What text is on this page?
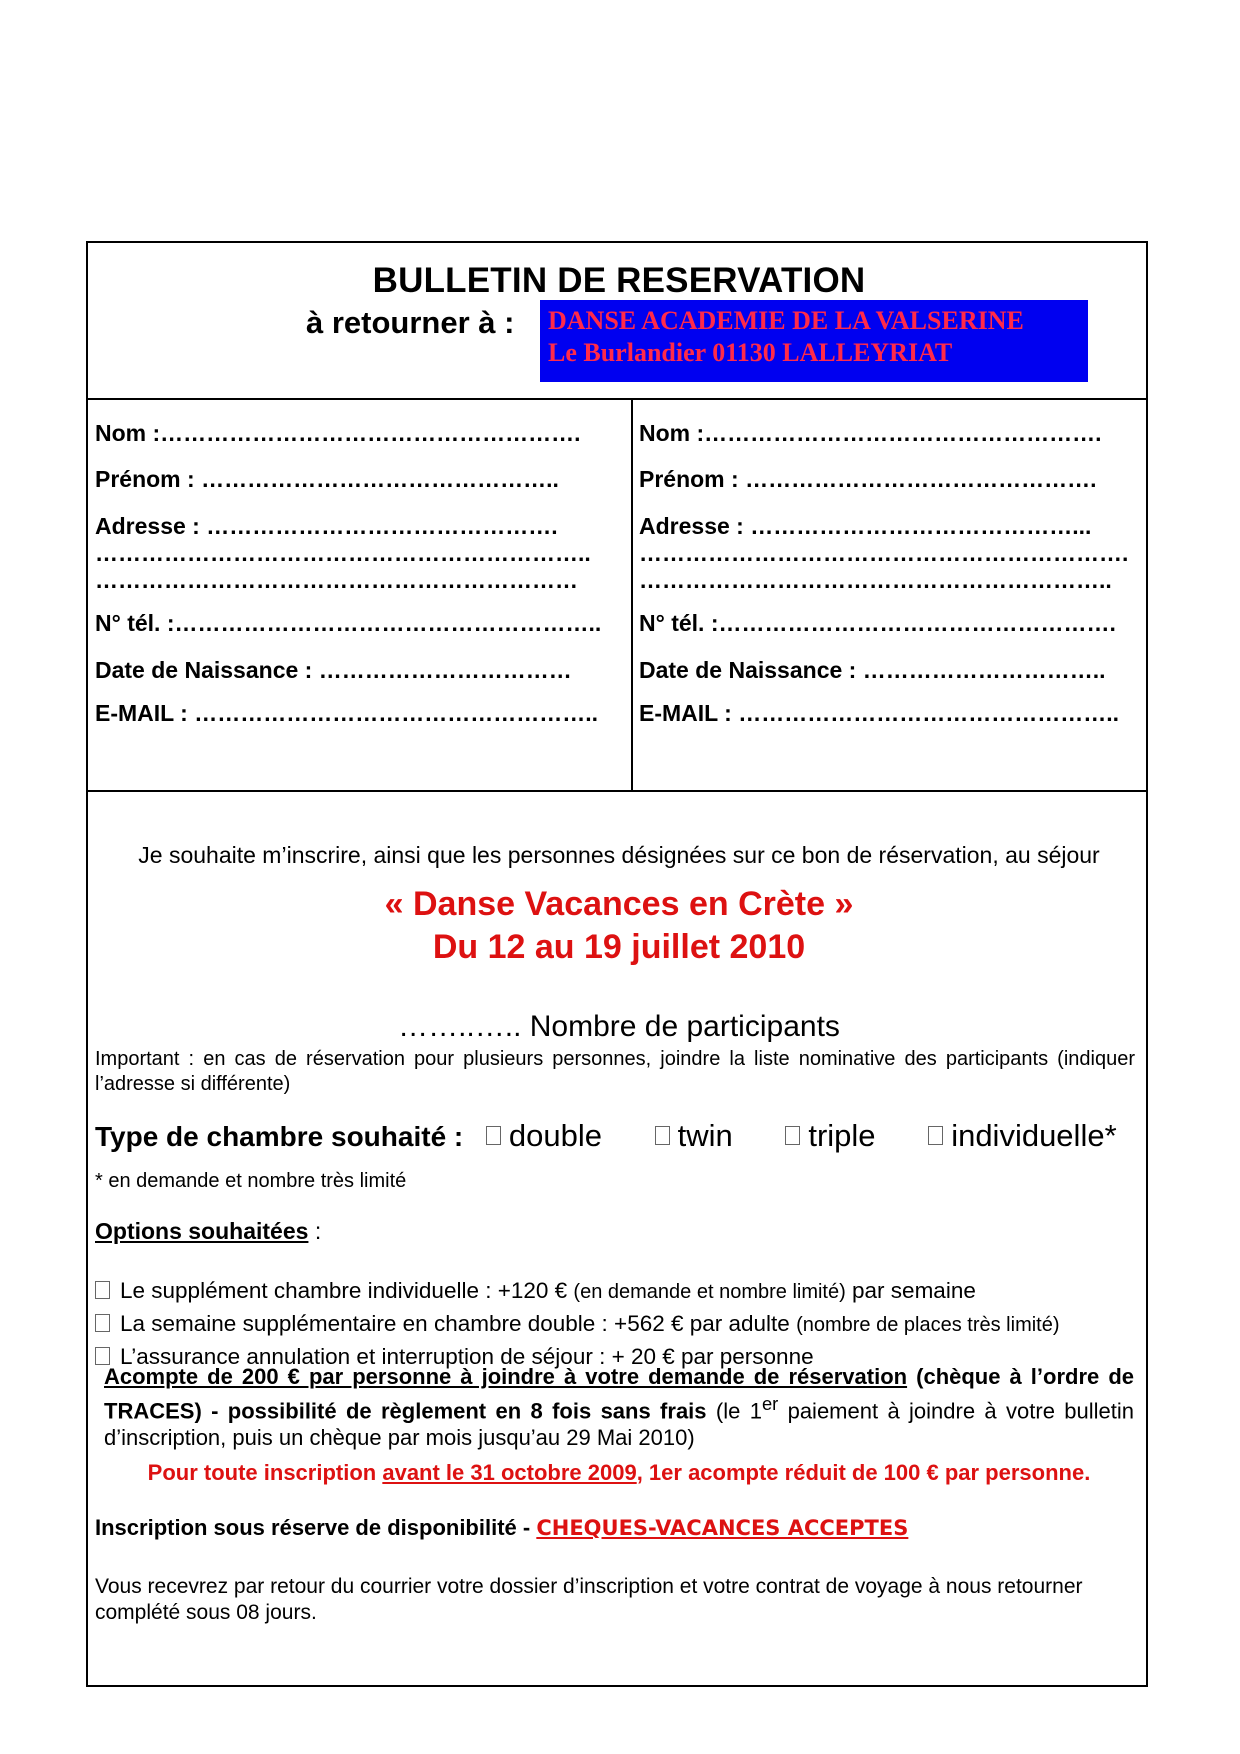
BULLETIN DE RESERVATION
à retourner à : DANSE ACADEMIE DE LA VALSERINE
Le Burlandier 01130 LALLEYRIAT
Nom :……………………………………………….
Prénom : ………………………………………..
Adresse : ……………………………………….
………………………………………………………..
………………………………………………………
N° tél. :………………………………………………..
Date de Naissance : ……………………………
E-MAIL : ……………………………………………..
Nom :…………………………………………….
Prénom : ……………………………………….
Adresse : ……………………………………...
……………………………………………………….
……………………………………………………..
N° tél. :…………………………………………….
Date de Naissance : …………………………..
E-MAIL : …………………………………………..
Je souhaite m’inscrire, ainsi que les personnes désignées sur ce bon de réservation, au séjour
« Danse Vacances en Crète »
Du 12 au 19 juillet 2010
……..….. Nombre de participants
Important : en cas de réservation pour plusieurs personnes, joindre la liste nominative des participants (indiquer l’adresse si différente)
Type de chambre souhaité : double twin triple individuelle*
* en demande et nombre très limité
Options souhaitées :
Le supplément chambre individuelle : +120 € (en demande et nombre limité) par semaine
La semaine supplémentaire en chambre double : +562 € par adulte (nombre de places très limité)
L’assurance annulation et interruption de séjour : + 20 € par personne
Acompte de 200 € par personne à joindre à votre demande de réservation (chèque à l’ordre de TRACES) - possibilité de règlement en 8 fois sans frais (le 1er paiement à joindre à votre bulletin d’inscription, puis un chèque par mois jusqu’au 29 Mai 2010)
Pour toute inscription avant le 31 octobre 2009, 1er acompte réduit de 100 € par personne.
Inscription sous réserve de disponibilité - CHEQUES-VACANCES ACCEPTES
Vous recevrez par retour du courrier votre dossier d’inscription et votre contrat de voyage à nous retourner complété sous 08 jours.
